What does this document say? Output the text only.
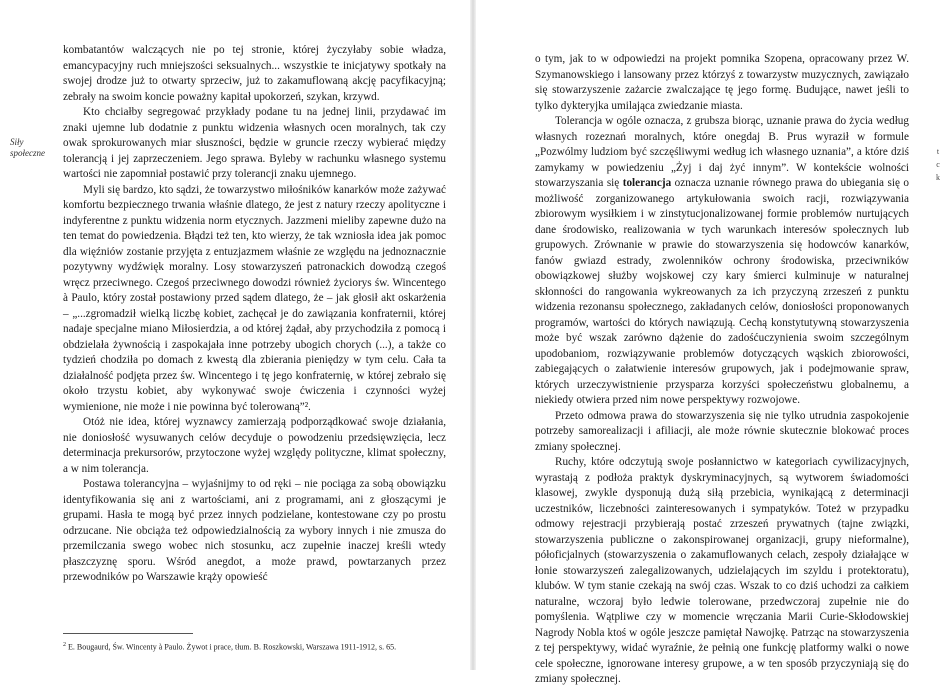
Siły społeczne

kombatantów walczących nie po tej stronie, której życzyłaby sobie władza, emancypacyjny ruch mniejszości seksualnych... wszystkie te inicjatywy spotkały na swojej drodze już to otwarty sprzeciw, już to zakamuflowaną akcję pacyfikacyjną; zebrały na swoim koncie poważny kapitał upokorzeń, szykan, krzywd.

Kto chciałby segregować przykłady podane tu na jednej linii, przydawać im znaki ujemne lub dodatnie z punktu widzenia własnych ocen moralnych, tak czy owak sprokurowanych miar słuszności, będzie w gruncie rzeczy wybierać między tolerancją i jej zaprzeczeniem. Jego sprawa. Byleby w rachunku własnego systemu wartości nie zapomniał postawić przy tolerancji znaku ujemnego.

Myli się bardzo, kto sądzi, że towarzystwo miłośników kanarków może zażywać komfortu bezpiecznego trwania właśnie dlatego, że jest z natury rzeczy apolityczne i indyferentne z punktu widzenia norm etycznych. Jazzmeni mieliby zapewne dużo na ten temat do powiedzenia. Błądzi też ten, kto wierzy, że tak wzniosła idea jak pomoc dla więźniów zostanie przyjęta z entuzjazmem właśnie ze względu na jednoznacznie pozytywny wydźwięk moralny. Losy stowarzyszeń patronackich dowodzą czegoś wręcz przeciwnego. Czegoś przeciwnego dowodzi również życiorys św. Wincentego à Paulo, który został postawiony przed sądem dlatego, że – jak głosił akt oskarżenia – „...zgromadził wielką liczbę kobiet, zachęcał je do zawiązania konfraternii, której nadaje specjalne miano Miłosierdzia, a od której żądał, aby przychodziła z pomocą i obdzielała żywnością i zaspokajała inne potrzeby ubogich chorych (...), a także co tydzień chodziła po domach z kwestą dla zbierania pieniędzy w tym celu. Cała ta działalność podjęta przez św. Wincentego i tę jego konfraternię, w której zebrało się około trzystu kobiet, aby wykonywać swoje ćwiczenia i czynności wyżej wymienione, nie może i nie powinna być tolerowaną”².

Otóż nie idea, której wyznawcy zamierzają podporządkować swoje działania, nie doniosłość wysuwanych celów decyduje o powodzeniu przedsięwzięcia, lecz determinacja prekursorów, przytoczone wyżej względy polityczne, klimat społeczny, a w nim tolerancja.

Postawa tolerancyjna – wyjaśnijmy to od ręki – nie pociąga za sobą obowiązku identyfikowania się ani z wartościami, ani z programami, ani z głoszącymi je grupami. Hasła te mogą być przez innych podzielane, kontestowane czy po prostu odrzucane. Nie obciąża też odpowiedzialnością za wybory innych i nie zmusza do przemilczania swego wobec nich stosunku, acz zupełnie inaczej kreśli wtedy płaszczyznę sporu. Wśród anegdot, a może prawd, powtarzanych przez przewodników po Warszawie krąży opowieść

$^2$ E. Bougaurd, Św. Wincenty à Paulo. Żywot i prace, tłum. B. Roszkowski, Warszawa 1911-1912, s. 65.

o tym, jak to w odpowiedzi na projekt pomnika Szopena, opracowany przez W. Szymanowskiego i lansowany przez którzyś z towarzystw muzycznych, zawiązało się stowarzyszenie zażarcie zwalczające tę jego formę. Budujące, nawet jeśli to tylko dykteryjka umilająca zwiedzanie miasta.

Tolerancja w ogóle oznacza, z grubsza biorąc, uznanie prawa do życia według własnych rozeznań moralnych, które onegdaj B. Prus wyraził w formule „Pozwólmy ludziom być szczęśliwymi według ich własnego uznania”, a które dziś zamykamy w powiedzeniu „Żyj i daj żyć innym”. W kontekście wolności stowarzyszania się tolerancja oznacza uznanie równego prawa do ubiegania się o możliwość zorganizowanego artykułowania swoich racji, rozwiązywania zbiorowym wysiłkiem i w zinstytucjonalizowanej formie problemów nurtujących dane środowisko, realizowania w tych warunkach interesów społecznych lub grupowych. Zrównanie w prawie do stowarzyszenia się hodowców kanarków, fanów gwiazd estrady, zwolenników ochrony środowiska, przeciwników obowiązkowej służby wojskowej czy kary śmierci kulminuje w naturalnej skłonności do rangowania wykreowanych za ich przyczyną zrzeszeń z punktu widzenia rezonansu społecznego, zakładanych celów, doniosłości proponowanych programów, wartości do których nawiązują. Cechą konstytutywną stowarzyszenia może być wszak zarówno dążenie do zadośćuczynienia swoim szczególnym upodobaniom, rozwiązywanie problemów dotyczących wąskich zbiorowości, zabiegających o załatwienie interesów grupowych, jak i podejmowanie spraw, których urzeczywistnienie przysparza korzyści społeczeństwu globalnemu, a niekiedy otwiera przed nim nowe perspektywy rozwojowe.

Przeto odmowa prawa do stowarzyszenia się nie tylko utrudnia zaspokojenie potrzeby samorealizacji i afiliacji, ale może równie skutecznie blokować proces zmiany społecznej.

Ruchy, które odczytują swoje posłannictwo w kategoriach cywilizacyjnych, wyrastają z podłoża praktyk dyskryminacyjnych, są wytworem świadomości klasowej, zwykle dysponują dużą siłą przebicia, wynikającą z determinacji uczestników, liczebności zainteresowanych i sympatyków. Toteż w przypadku odmowy rejestracji przybierają postać zrzeszeń prywatnych (tajne związki, stowarzyszenia publiczne o zakonspirowanej organizacji, grupy nieformalne), półoficjalnych (stowarzyszenia o zakamuflowanych celach, zespoły działające w łonie stowarzyszeń zalegalizowanych, udzielających im szyldu i protektoratu), klubów. W tym stanie czekają na swój czas. Wszak to co dziś uchodzi za całkiem naturalne, wczoraj było ledwie tolerowane, przedwczoraj zupełnie nie do pomyślenia. Wątpliwe czy w momencie wręczania Marii Curie-Skłodowskiej Nagrody Nobla ktoś w ogóle jeszcze pamiętał Nawojkę. Patrząc na stowarzyszenia z tej perspektywy, widać wyraźnie, że pełnią one funkcję platformy walki o nowe cele społeczne, ignorowane interesy grupowe, a w ten sposób przyczyniają się do zmiany społecznej.

t
c
k
